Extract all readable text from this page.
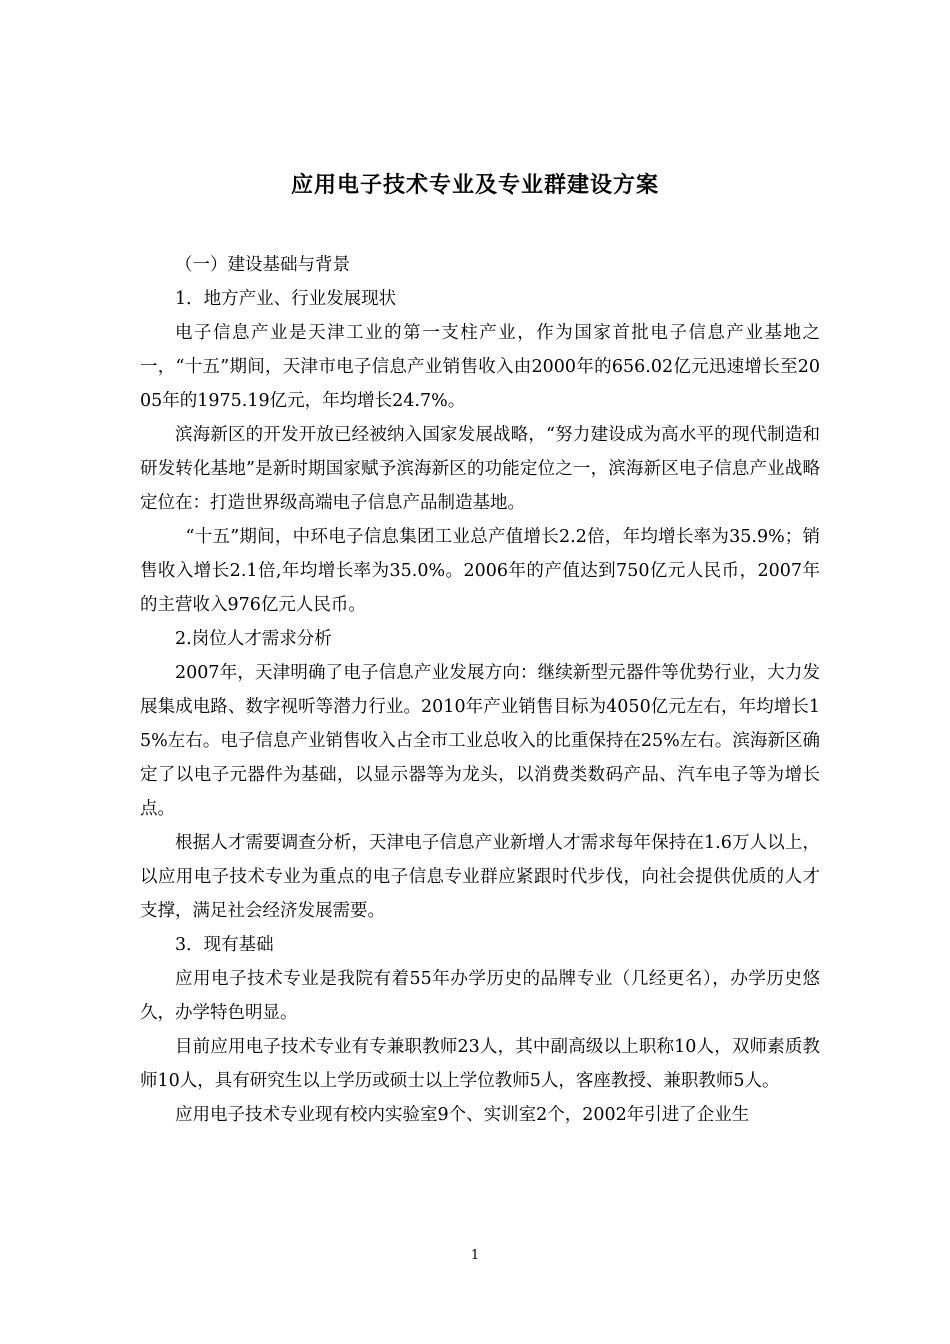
应用电子技术专业及专业群建设方案

（一）建设基础与背景

1．地方产业、行业发展现状

电子信息产业是天津工业的第一支柱产业，作为国家首批电子信息产业基地之一，“十五”期间，天津市电子信息产业销售收入由2000年的656.02亿元迅速增长至2005年的1975.19亿元，年均增长24.7%。

滨海新区的开发开放已经被纳入国家发展战略，“努力建设成为高水平的现代制造和研发转化基地”是新时期国家赋予滨海新区的功能定位之一，滨海新区电子信息产业战略定位在：打造世界级高端电子信息产品制造基地。

“十五”期间，中环电子信息集团工业总产值增长2.2倍，年均增长率为35.9%；销售收入增长2.1倍,年均增长率为35.0%。2006年的产值达到750亿元人民币，2007年的主营收入976亿元人民币。

2.岗位人才需求分析

2007年，天津明确了电子信息产业发展方向：继续新型元器件等优势行业，大力发展集成电路、数字视听等潜力行业。2010年产业销售目标为4050亿元左右，年均增长15%左右。电子信息产业销售收入占全市工业总收入的比重保持在25%左右。滨海新区确定了以电子元器件为基础，以显示器等为龙头，以消费类数码产品、汽车电子等为增长点。

根据人才需要调查分析，天津电子信息产业新增人才需求每年保持在1.6万人以上，以应用电子技术专业为重点的电子信息专业群应紧跟时代步伐，向社会提供优质的人才支撑，满足社会经济发展需要。

3．现有基础

应用电子技术专业是我院有着55年办学历史的品牌专业（几经更名），办学历史悠久，办学特色明显。

目前应用电子技术专业有专兼职教师23人，其中副高级以上职称10人，双师素质教师10人，具有研究生以上学历或硕士以上学位教师5人，客座教授、兼职教师5人。

应用电子技术专业现有校内实验室9个、实训室2个，2002年引进了企业生

1
